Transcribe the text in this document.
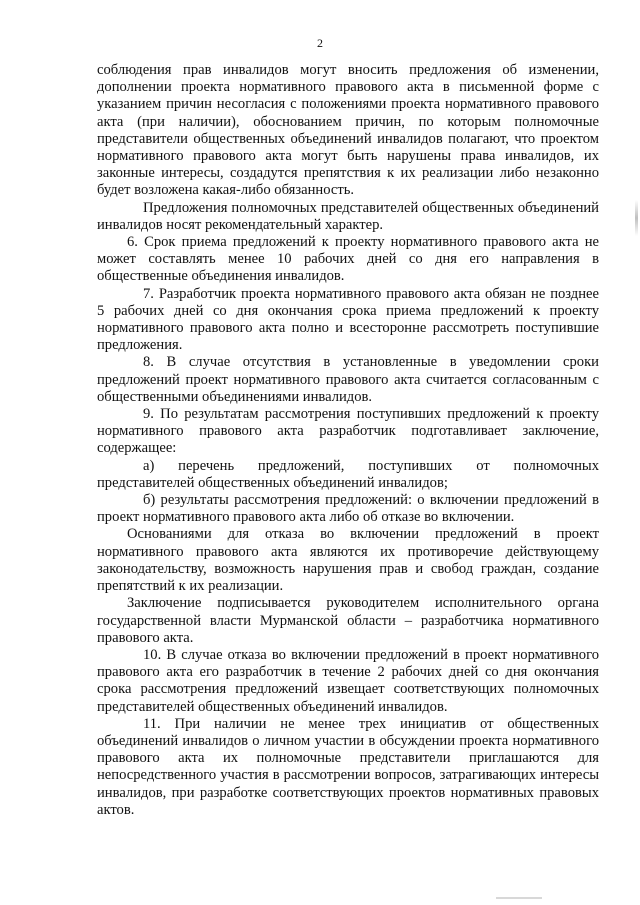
2

соблюдения прав инвалидов могут вносить предложения об изменении, дополнении проекта нормативного правового акта в письменной форме с указанием причин несогласия с положениями проекта нормативного правового акта (при наличии), обоснованием причин, по которым полномочные представители общественных объединений инвалидов полагают, что проектом нормативного правового акта могут быть нарушены права инвалидов, их законные интересы, создадутся препятствия к их реализации либо незаконно будет возложена какая-либо обязанность.

Предложения полномочных представителей общественных объединений инвалидов носят рекомендательный характер.

6. Срок приема предложений к проекту нормативного правового акта не может составлять менее 10 рабочих дней со дня его направления в общественные объединения инвалидов.

7. Разработчик проекта нормативного правового акта обязан не позднее 5 рабочих дней со дня окончания срока приема предложений к проекту нормативного правового акта полно и всесторонне рассмотреть поступившие предложения.

8. В случае отсутствия в установленные в уведомлении сроки предложений проект нормативного правового акта считается согласованным с общественными объединениями инвалидов.

9. По результатам рассмотрения поступивших предложений к проекту нормативного правового акта разработчик подготавливает заключение, содержащее:

а) перечень предложений, поступивших от полномочных представителей общественных объединений инвалидов;

б) результаты рассмотрения предложений: о включении предложений в проект нормативного правового акта либо об отказе во включении.

Основаниями для отказа во включении предложений в проект нормативного правового акта являются их противоречие действующему законодательству, возможность нарушения прав и свобод граждан, создание препятствий к их реализации.

Заключение подписывается руководителем исполнительного органа государственной власти Мурманской области – разработчика нормативного правового акта.

10. В случае отказа во включении предложений в проект нормативного правового акта его разработчик в течение 2 рабочих дней со дня окончания срока рассмотрения предложений извещает соответствующих полномочных представителей общественных объединений инвалидов.

11. При наличии не менее трех инициатив от общественных объединений инвалидов о личном участии в обсуждении проекта нормативного правового акта их полномочные представители приглашаются для непосредственного участия в рассмотрении вопросов, затрагивающих интересы инвалидов, при разработке соответствующих проектов нормативных правовых актов.
